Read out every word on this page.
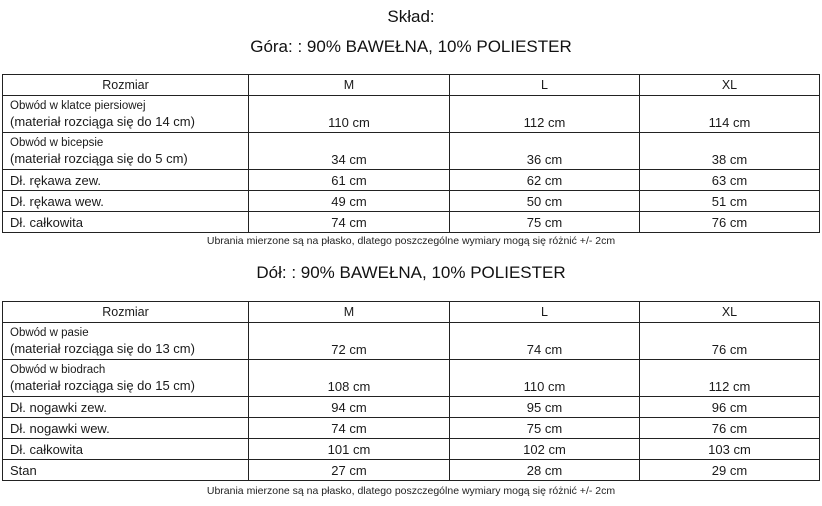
Skład:
Góra: : 90% BAWEŁNA, 10% POLIESTER
Rozmiar	M	L	XL

Obwód w klatce piersiowej
(materiał rozciąga się do 14 cm)	110 cm	112 cm	114 cm

Obwód w bicepsie
(materiał rozciąga się do 5 cm)	34 cm	36 cm	38 cm
Dł. rękawa zew.	61 cm	62 cm	63 cm
Dł. rękawa wew.	49 cm	50 cm	51 cm
Dł. całkowita	74 cm	75 cm	76 cm
Ubrania mierzone są na płasko, dlatego poszczególne wymiary mogą się różnić +/- 2cm
Dół: : 90% BAWEŁNA, 10% POLIESTER
Rozmiar	M	L	XL

Obwód w pasie
(materiał rozciąga się do 13 cm)	72 cm	74 cm	76 cm

Obwód w biodrach
(materiał rozciąga się do 15 cm)	108 cm	110 cm	112 cm
Dł. nogawki zew.	94 cm	95 cm	96 cm
Dł. nogawki wew.	74 cm	75 cm	76 cm
Dł. całkowita	101 cm	102 cm	103 cm
Stan	27 cm	28 cm	29 cm
Ubrania mierzone są na płasko, dlatego poszczególne wymiary mogą się różnić +/- 2cm
